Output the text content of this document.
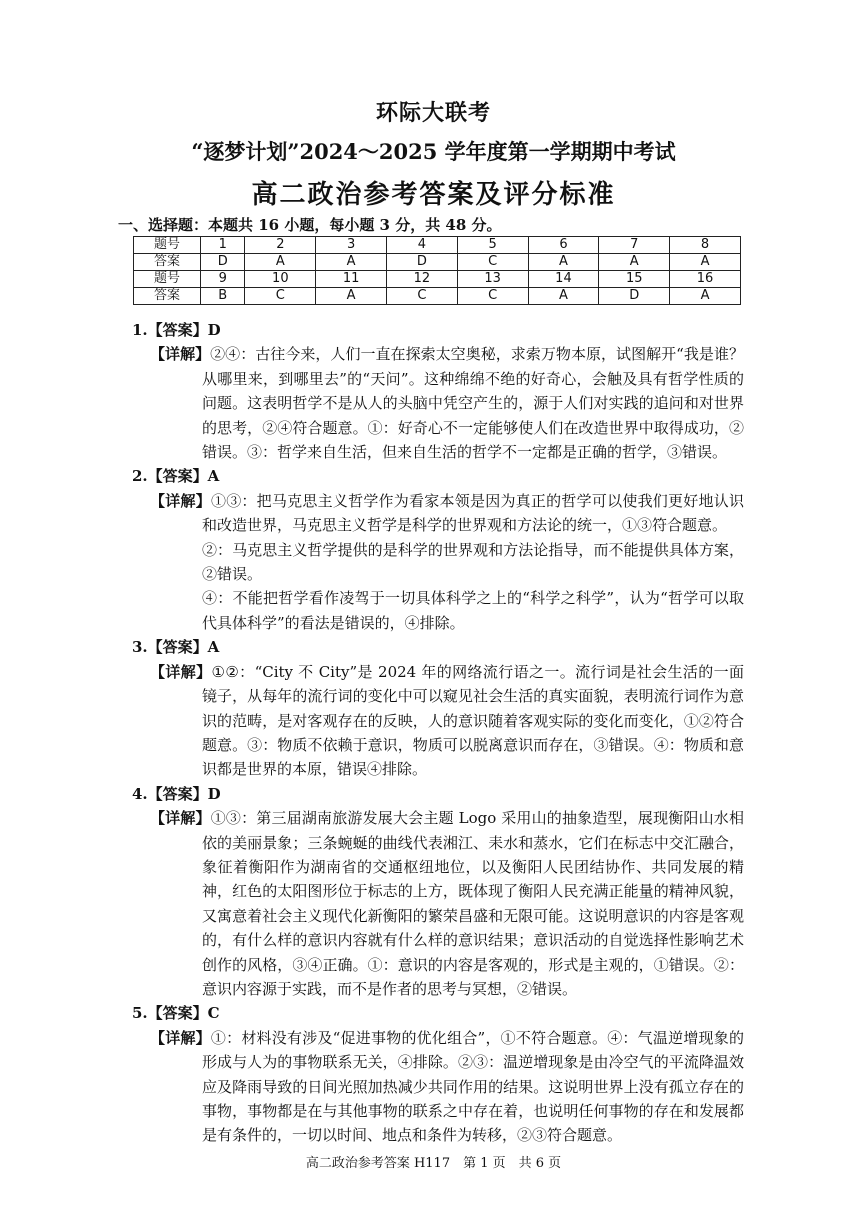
环际大联考
“逐梦计划”2024～2025 学年度第一学期期中考试
高二政治参考答案及评分标准
一、选择题：本题共 16 小题，每小题 3 分，共 48 分。
题号	1	2	3	4	5	6	7	8
答案	D	A	A	D	C	A	A	A
题号	9	10	11	12	13	14	15	16
答案	B	C	A	C	C	A	D	A

1.【答案】D

【详解】②④：古往今来，人们一直在探索太空奥秘，求索万物本原，试图解开“我是谁？从哪里来，到哪里去”的“天问”。这种绵绵不绝的好奇心，会触及具有哲学性质的问题。这表明哲学不是从人的头脑中凭空产生的，源于人们对实践的追问和对世界的思考，②④符合题意。①：好奇心不一定能够使人们在改造世界中取得成功，②错误。③：哲学来自生活，但来自生活的哲学不一定都是正确的哲学，③错误。

2.【答案】A

【详解】①③：把马克思主义哲学作为看家本领是因为真正的哲学可以使我们更好地认识和改造世界，马克思主义哲学是科学的世界观和方法论的统一，①③符合题意。

②：马克思主义哲学提供的是科学的世界观和方法论指导，而不能提供具体方案，②错误。

④：不能把哲学看作凌驾于一切具体科学之上的“科学之科学”，认为“哲学可以取代具体科学”的看法是错误的，④排除。

3.【答案】A

【详解】①②：“City 不 City”是 2024 年的网络流行语之一。流行词是社会生活的一面镜子，从每年的流行词的变化中可以窥见社会生活的真实面貌，表明流行词作为意识的范畴，是对客观存在的反映，人的意识随着客观实际的变化而变化，①②符合题意。③：物质不依赖于意识，物质可以脱离意识而存在，③错误。④：物质和意识都是世界的本原，错误④排除。

4.【答案】D

【详解】①③：第三届湖南旅游发展大会主题 Logo 采用山的抽象造型，展现衡阳山水相依的美丽景象；三条蜿蜒的曲线代表湘江、耒水和蒸水，它们在标志中交汇融合，象征着衡阳作为湖南省的交通枢纽地位，以及衡阳人民团结协作、共同发展的精神，红色的太阳图形位于标志的上方，既体现了衡阳人民充满正能量的精神风貌，又寓意着社会主义现代化新衡阳的繁荣昌盛和无限可能。这说明意识的内容是客观的，有什么样的意识内容就有什么样的意识结果；意识活动的自觉选择性影响艺术创作的风格，③④正确。①：意识的内容是客观的，形式是主观的，①错误。②：意识内容源于实践，而不是作者的思考与冥想，②错误。

5.【答案】C

【详解】①：材料没有涉及“促进事物的优化组合”，①不符合题意。④：气温逆增现象的形成与人为的事物联系无关，④排除。②③：温逆增现象是由冷空气的平流降温效应及降雨导致的日间光照加热减少共同作用的结果。这说明世界上没有孤立存在的事物，事物都是在与其他事物的联系之中存在着，也说明任何事物的存在和发展都是有条件的，一切以时间、地点和条件为转移，②③符合题意。

高二政治参考答案 H117　第 1 页　共 6 页
